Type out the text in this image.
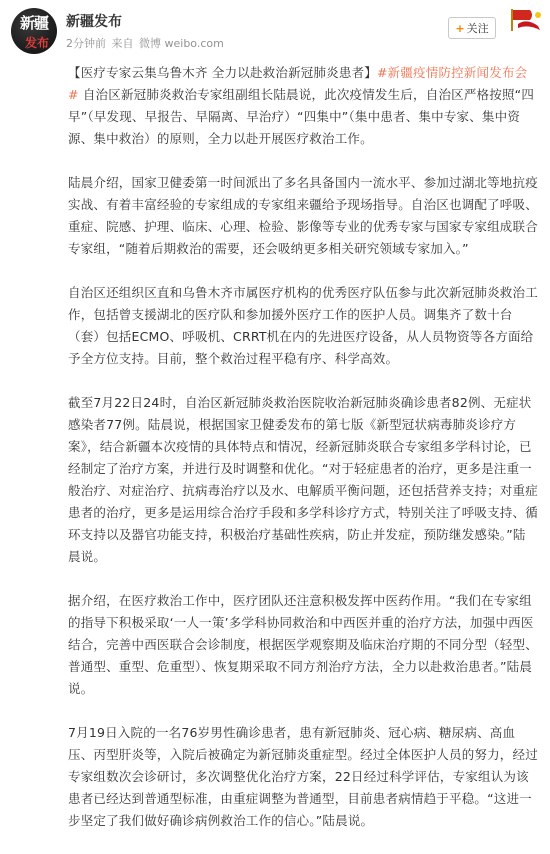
新疆
发布
新疆发布
2分钟前 来自 微博 weibo.com
+ 关注

【医疗专家云集乌鲁木齐 全力以赴救治新冠肺炎患者】#新疆疫情防控新闻发布会# 自治区新冠肺炎救治专家组副组长陆晨说，此次疫情发生后，自治区严格按照“四早”（早发现、早报告、早隔离、早治疗）“四集中”（集中患者、集中专家、集中资源、集中救治）的原则，全力以赴开展医疗救治工作。

陆晨介绍，国家卫健委第一时间派出了多名具备国内一流水平、参加过湖北等地抗疫实战、有着丰富经验的专家组成的专家组来疆给予现场指导。自治区也调配了呼吸、重症、院感、护理、临床、心理、检验、影像等专业的优秀专家与国家专家组成联合专家组，“随着后期救治的需要，还会吸纳更多相关研究领域专家加入。”

自治区还组织区直和乌鲁木齐市属医疗机构的优秀医疗队伍参与此次新冠肺炎救治工作，包括曾支援湖北的医疗队和参加援外医疗工作的医护人员。调集齐了数十台（套）包括ECMO、呼吸机、CRRT机在内的先进医疗设备，从人员物资等各方面给予全方位支持。目前，整个救治过程平稳有序、科学高效。

截至7月22日24时，自治区新冠肺炎救治医院收治新冠肺炎确诊患者82例、无症状感染者77例。陆晨说，根据国家卫健委发布的第七版《新型冠状病毒肺炎诊疗方案》，结合新疆本次疫情的具体特点和情况，经新冠肺炎联合专家组多学科讨论，已经制定了治疗方案，并进行及时调整和优化。“对于轻症患者的治疗，更多是注重一般治疗、对症治疗、抗病毒治疗以及水、电解质平衡问题，还包括营养支持；对重症患者的治疗，更多是运用综合治疗手段和多学科诊疗方式，特别关注了呼吸支持、循环支持以及器官功能支持，积极治疗基础性疾病，防止并发症，预防继发感染。”陆晨说。

据介绍，在医疗救治工作中，医疗团队还注意积极发挥中医药作用。“我们在专家组的指导下积极采取‘一人一策’多学科协同救治和中西医并重的治疗方法，加强中西医结合，完善中西医联合会诊制度，根据医学观察期及临床治疗期的不同分型（轻型、普通型、重型、危重型）、恢复期采取不同方剂治疗方法，全力以赴救治患者。”陆晨说。

7月19日入院的一名76岁男性确诊患者，患有新冠肺炎、冠心病、糖尿病、高血压、丙型肝炎等，入院后被确定为新冠肺炎重症型。经过全体医护人员的努力，经过专家组数次会诊研讨，多次调整优化治疗方案，22日经过科学评估，专家组认为该患者已经达到普通型标准，由重症调整为普通型，目前患者病情趋于平稳。“这进一步坚定了我们做好确诊病例救治工作的信心。”陆晨说。
